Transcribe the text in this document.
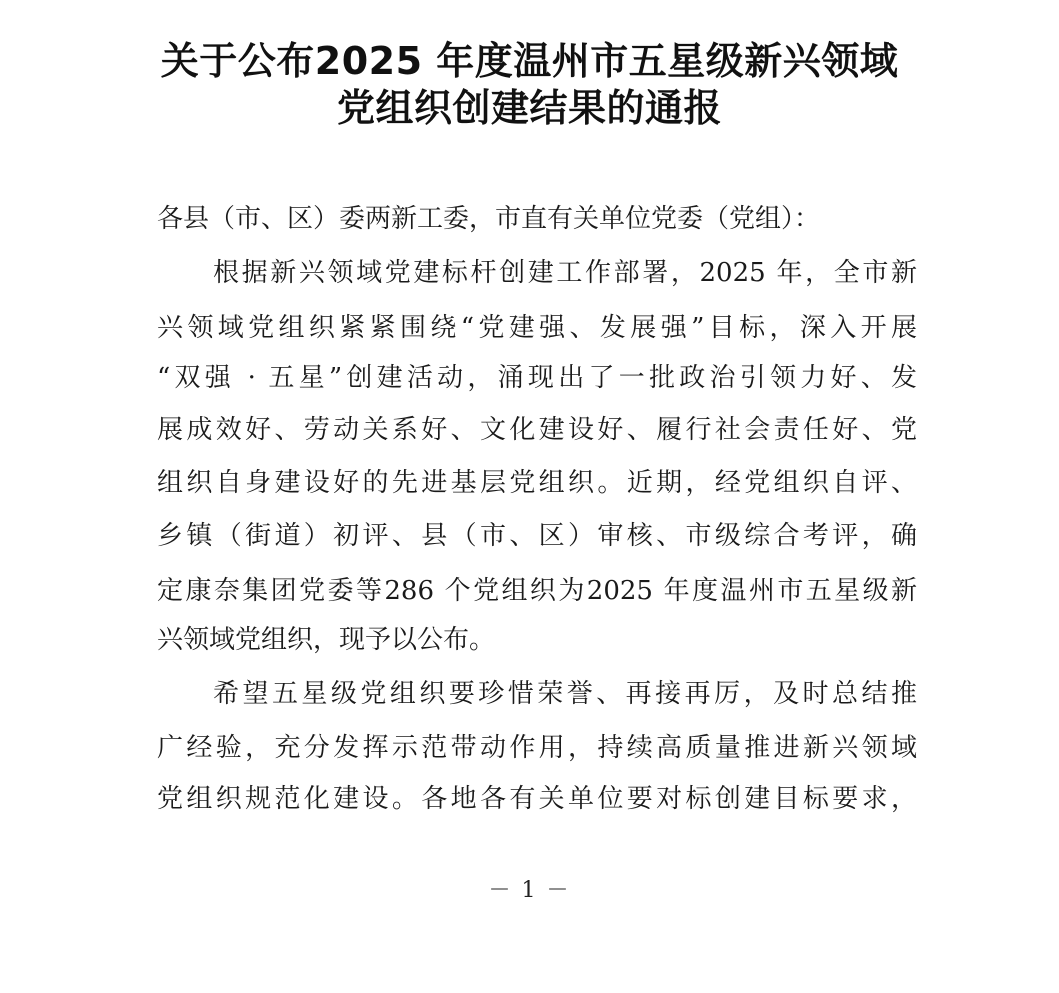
关于公布2025 年度温州市五星级新兴领域
党组织创建结果的通报
各县（市、区）委两新工委，市直有关单位党委（党组）：
根据新兴领域党建标杆创建工作部署，2025 年，全市新
兴领域党组织紧紧围绕“党建强、发展强”目标，深入开展
“双强 · 五星”创建活动，涌现出了一批政治引领力好、发
展成效好、劳动关系好、文化建设好、履行社会责任好、党
组织自身建设好的先进基层党组织。近期，经党组织自评、
乡镇（街道）初评、县（市、区）审核、市级综合考评，确
定康奈集团党委等286 个党组织为2025 年度温州市五星级新
兴领域党组织，现予以公布。
希望五星级党组织要珍惜荣誉、再接再厉，及时总结推
广经验，充分发挥示范带动作用，持续高质量推进新兴领域
党组织规范化建设。各地各有关单位要对标创建目标要求，
－ 1 －
